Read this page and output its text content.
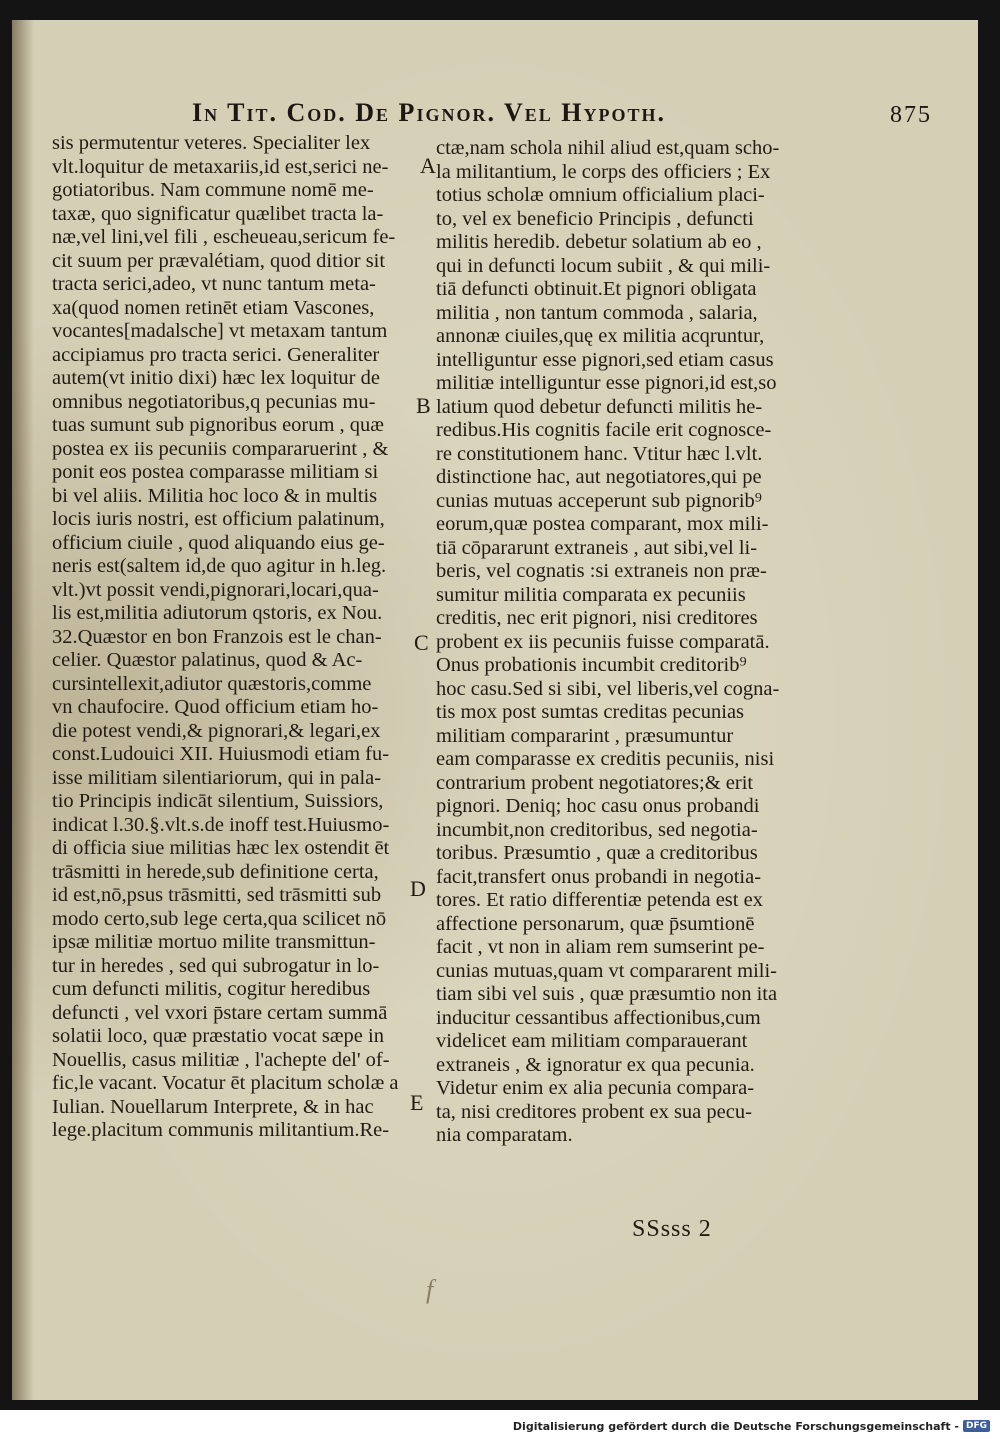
In Tit. Cod. De Pignor. Vel Hypoth.	875
sis permutentur veteres. Specialiter lex
vlt.loquitur de metaxariis,id est,serici ne-
gotiatoribus. Nam commune nomē me-
taxæ, quo significatur quælibet tracta la-
næ,vel lini,vel fili , escheueau,sericum fe-
cit suum per prævalétiam, quod ditior sit
tracta serici,adeo, vt nunc tantum meta-
xa(quod nomen retinēt etiam Vascones,
vocantes[madalsche] vt metaxam tantum
accipiamus pro tracta serici. Generaliter
autem(vt initio dixi) hæc lex loquitur de
omnibus negotiatoribus,q pecunias mu-
tuas sumunt sub pignoribus eorum , quæ
postea ex iis pecuniis compararuerint , &
ponit eos postea comparasse militiam si
bi vel aliis. Militia hoc loco & in multis
locis iuris nostri, est officium palatinum,
officium ciuile , quod aliquando eius ge-
neris est(saltem id,de quo agitur in h.leg.
vlt.)vt possit vendi,pignorari,locari,qua-
lis est,militia adiutorum qstoris, ex Nou.
32.Quæstor en bon Franzois est le chan-
celier. Quæstor palatinus, quod & Ac-
cursintellexit,adiutor quæstoris,comme
vn chaufocire. Quod officium etiam ho-
die potest vendi,& pignorari,& legari,ex
const.Ludouici XII. Huiusmodi etiam fu-
isse militiam silentiariorum, qui in pala-
tio Principis indicāt silentium, Suissiors,
indicat l.30.§.vlt.s.de inoff test.Huiusmo-
di officia siue militias hæc lex ostendit ēt
trāsmitti in herede,sub definitione certa,
id est,nō,psus trāsmitti, sed trāsmitti sub
modo certo,sub lege certa,qua scilicet nō
ipsæ militiæ mortuo milite transmittun-
tur in heredes , sed qui subrogatur in lo-
cum defuncti militis, cogitur heredibus
defuncti , vel vxori p̄stare certam summā
solatii loco, quæ præstatio vocat sæpe in
Nouellis, casus militiæ , l'achepte del' of-
fic,le vacant. Vocatur ēt placitum scholæ a
Iulian. Nouellarum Interprete, & in hac
lege.placitum communis militantium.Re-
ctæ,nam schola nihil aliud est,quam scho-
la militantium, le corps des officiers ; Ex
totius scholæ omnium officialium placi-
to, vel ex beneficio Principis , defuncti
militis heredib. debetur solatium ab eo ,
qui in defuncti locum subiit , & qui mili-
tiā defuncti obtinuit.Et pignori obligata
militia , non tantum commoda , salaria,
annonæ ciuiles,quę ex militia acqruntur,
intelliguntur esse pignori,sed etiam casus
militiæ intelliguntur esse pignori,id est,so
latium quod debetur defuncti militis he-
redibus.His cognitis facile erit cognosce-
re constitutionem hanc. Vtitur hæc l.vlt.
distinctione hac, aut negotiatores,qui pe
cunias mutuas acceperunt sub pignorib⁹
eorum,quæ postea comparant, mox mili-
tiā cōpararunt extraneis , aut sibi,vel li-
beris, vel cognatis :si extraneis non præ-
sumitur militia comparata ex pecuniis
creditis, nec erit pignori, nisi creditores
probent ex iis pecuniis fuisse comparatā.
Onus probationis incumbit creditorib⁹
hoc casu.Sed si sibi, vel liberis,vel cogna-
tis mox post sumtas creditas pecunias
militiam compararint , præsumuntur
eam comparasse ex creditis pecuniis, nisi
contrarium probent negotiatores;& erit
pignori. Deniq; hoc casu onus probandi
incumbit,non creditoribus, sed negotia-
toribus. Præsumtio , quæ a creditoribus
facit,transfert onus probandi in negotia-
tores. Et ratio differentiæ petenda est ex
affectione personarum, quæ p̄sumtionē
facit , vt non in aliam rem sumserint pe-
cunias mutuas,quam vt compararent mili-
tiam sibi vel suis , quæ præsumtio non ita
inducitur cessantibus affectionibus,cum
videlicet eam militiam comparauerant
extraneis , & ignoratur ex qua pecunia.
Videtur enim ex alia pecunia compara-
ta, nisi creditores probent ex sua pecu-
nia comparatam.
A
B
C
D
E
SSsss 2
f
Digitalisierung gefördert durch die Deutsche Forschungsgemeinschaft - DFG
